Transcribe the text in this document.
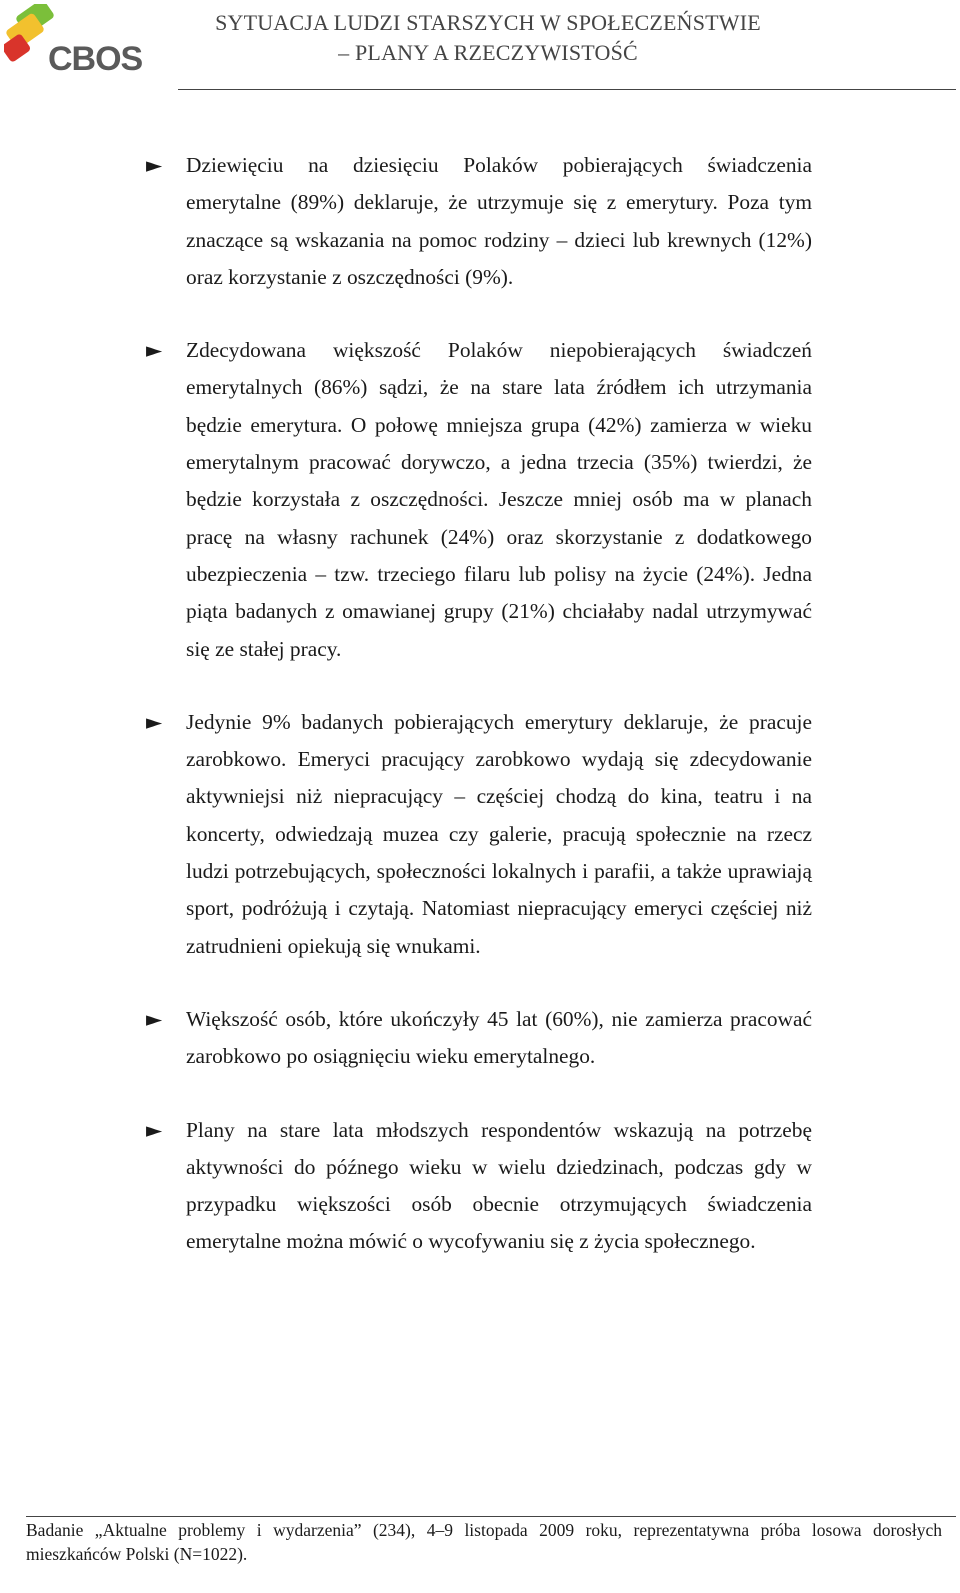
CBOS
SYTUACJA LUDZI STARSZYCH W SPOŁECZEŃSTWIE
– PLANY A RZECZYWISTOŚĆ
► Dziewięciu na dziesięciu Polaków pobierających świadczenia emerytalne (89%) deklaruje, że utrzymuje się z emerytury. Poza tym znaczące są wskazania na pomoc rodziny – dzieci lub krewnych (12%) oraz korzystanie z oszczędności (9%).

► Zdecydowana większość Polaków niepobierających świadczeń emerytalnych (86%) sądzi, że na stare lata źródłem ich utrzymania będzie emerytura. O połowę mniejsza grupa (42%) zamierza w wieku emerytalnym pracować dorywczo, a jedna trzecia (35%) twierdzi, że będzie korzystała z oszczędności. Jeszcze mniej osób ma w planach pracę na własny rachunek (24%) oraz skorzystanie z dodatkowego ubezpieczenia – tzw. trzeciego filaru lub polisy na życie (24%). Jedna piąta badanych z omawianej grupy (21%) chciałaby nadal utrzymywać się ze stałej pracy.

► Jedynie 9% badanych pobierających emerytury deklaruje, że pracuje zarobkowo. Emeryci pracujący zarobkowo wydają się zdecydowanie aktywniejsi niż niepracujący – częściej chodzą do kina, teatru i na koncerty, odwiedzają muzea czy galerie, pracują społecznie na rzecz ludzi potrzebujących, społeczności lokalnych i parafii, a także uprawiają sport, podróżują i czytają. Natomiast niepracujący emeryci częściej niż zatrudnieni opiekują się wnukami.

► Większość osób, które ukończyły 45 lat (60%), nie zamierza pracować zarobkowo po osiągnięciu wieku emerytalnego.

► Plany na stare lata młodszych respondentów wskazują na potrzebę aktywności do późnego wieku w wielu dziedzinach, podczas gdy w przypadku większości osób obecnie otrzymujących świadczenia emerytalne można mówić o wycofywaniu się z życia społecznego.

Badanie „Aktualne problemy i wydarzenia” (234), 4–9 listopada 2009 roku, reprezentatywna próba losowa dorosłych mieszkańców Polski (N=1022).
